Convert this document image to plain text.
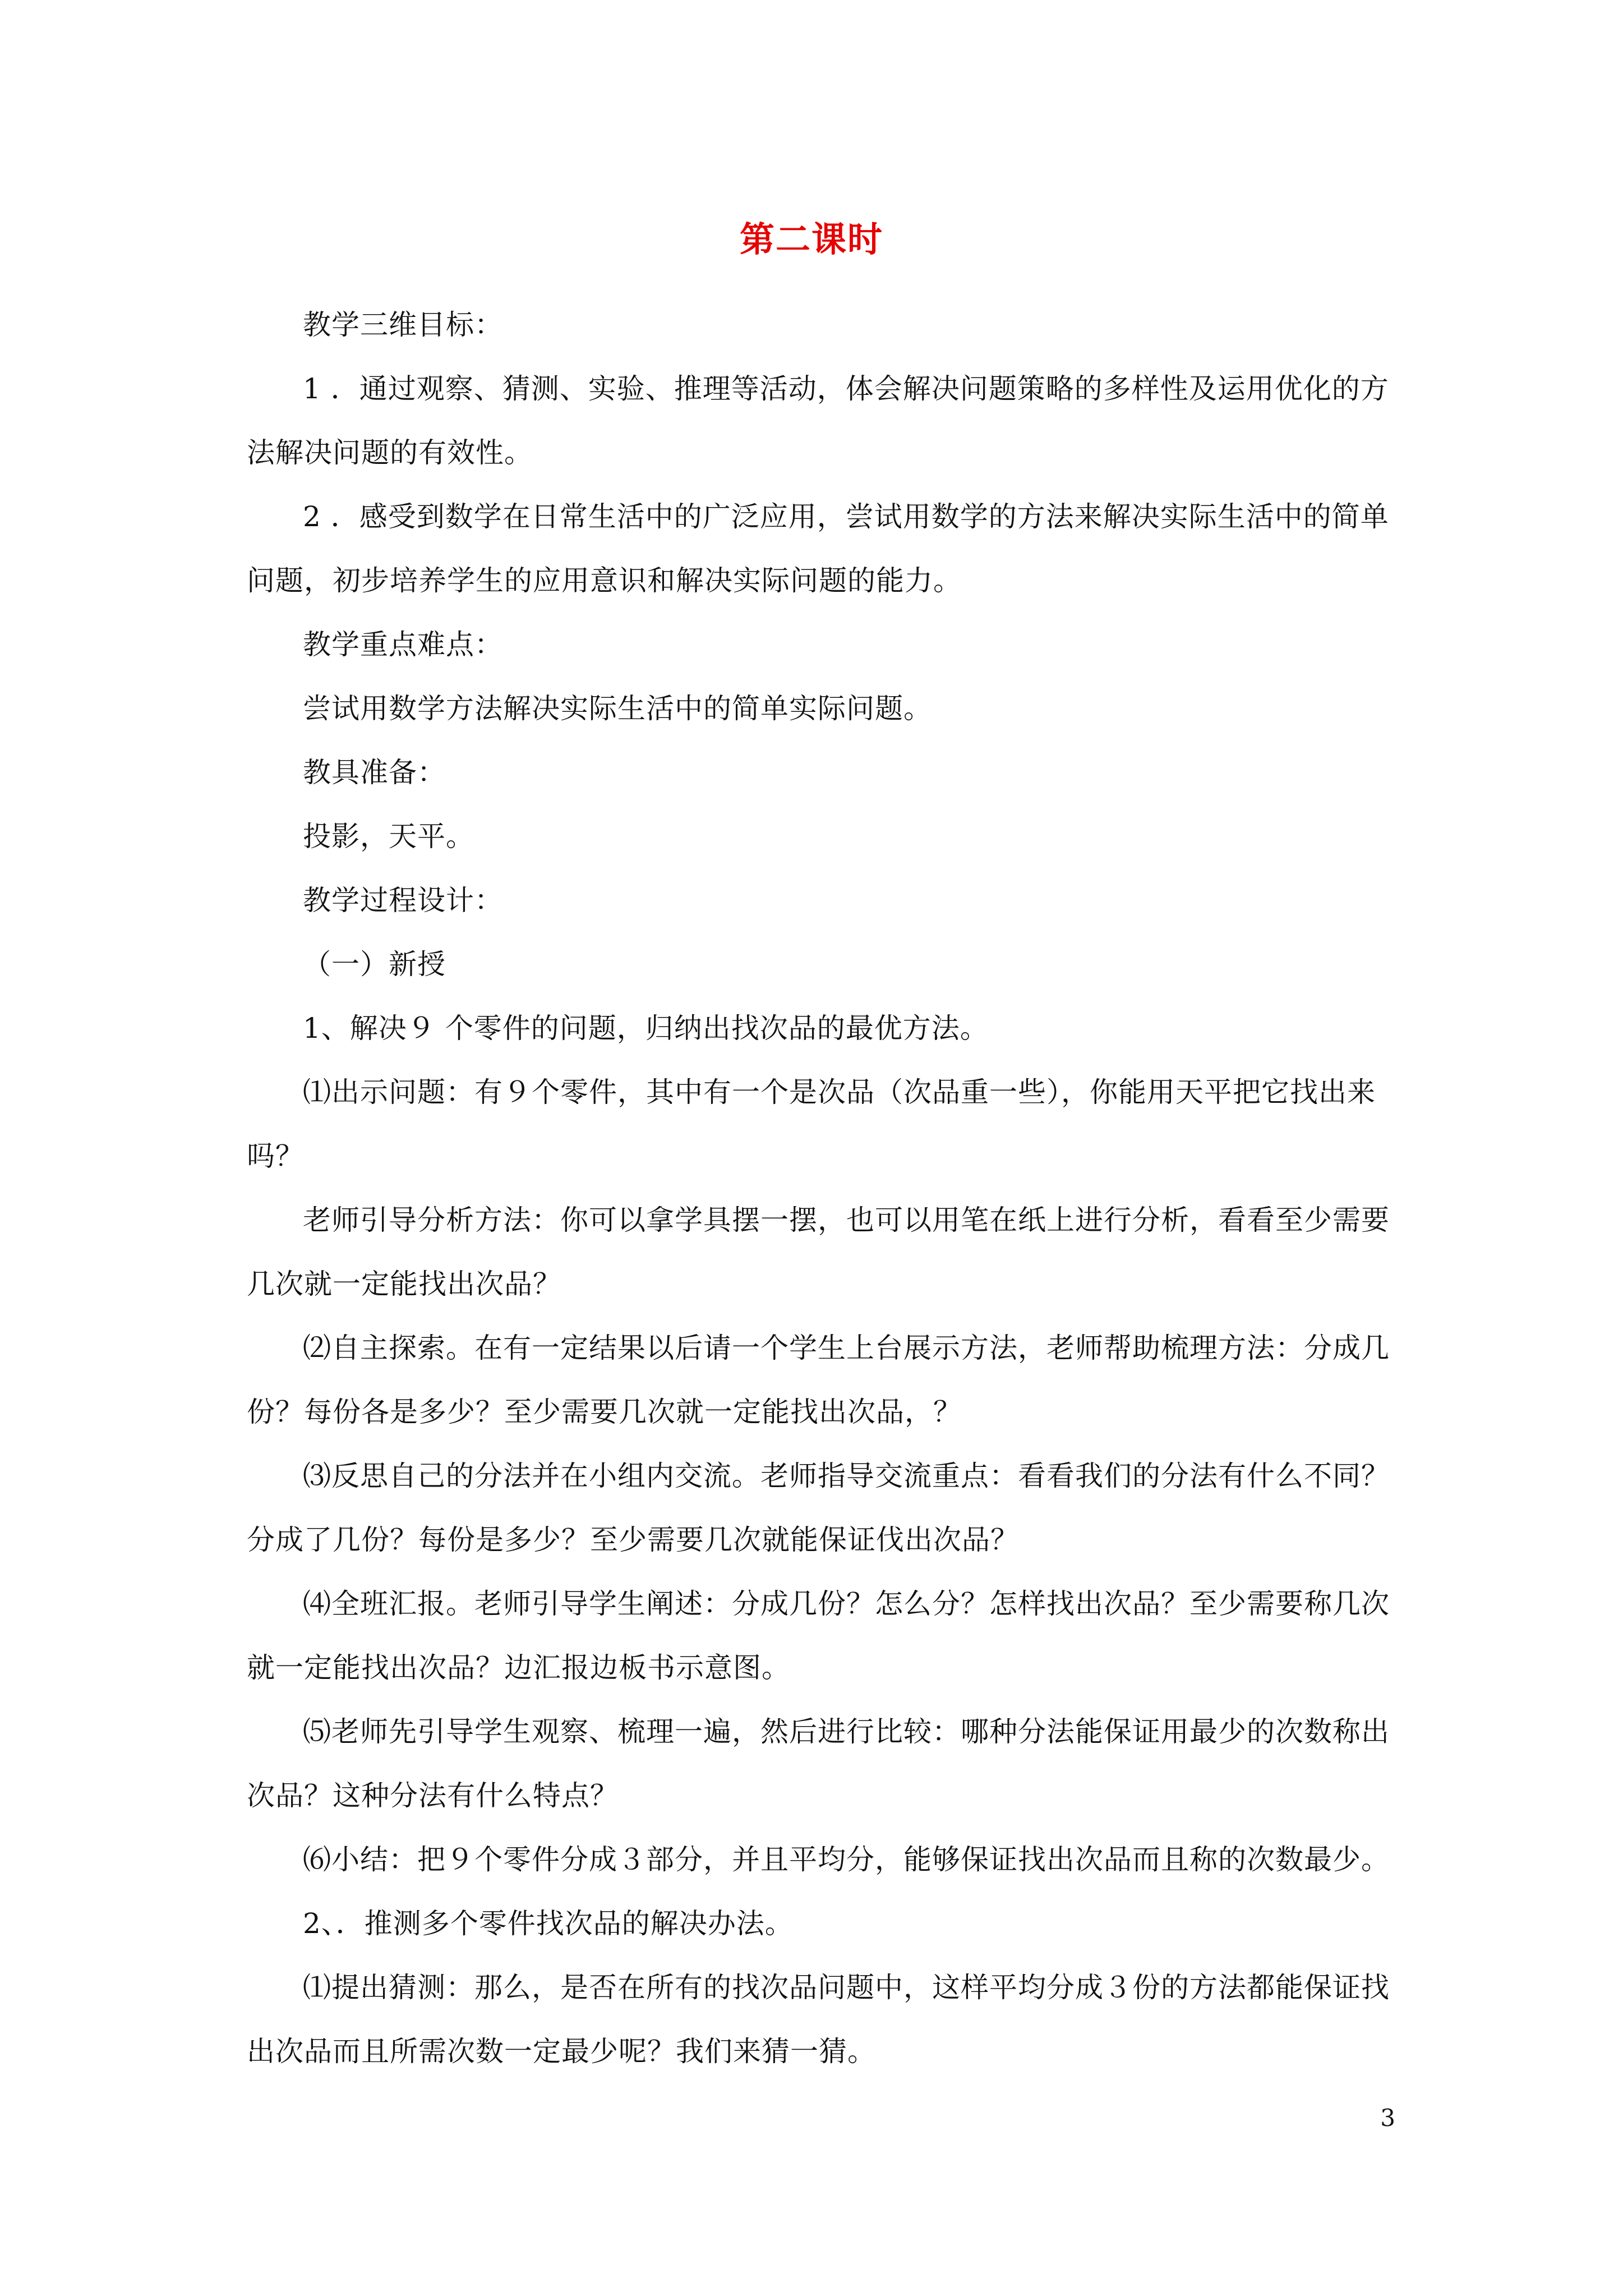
第二课时

教学三维目标：

1 ．通过观察、猜测、实验、推理等活动，体会解决问题策略的多样性及运用优化的方法解决问题的有效性。

2 ．感受到数学在日常生活中的广泛应用，尝试用数学的方法来解决实际生活中的简单问题，初步培养学生的应用意识和解决实际问题的能力。

教学重点难点：

尝试用数学方法解决实际生活中的简单实际问题。

教具准备：

投影，天平。

教学过程设计：

（一）新授

1、解决９ 个零件的问题，归纳出找次品的最优方法。

⑴出示问题：有９个零件，其中有一个是次品（次品重一些），你能用天平把它找出来吗？

老师引导分析方法：你可以拿学具摆一摆，也可以用笔在纸上进行分析，看看至少需要几次就一定能找出次品？

⑵自主探索。在有一定结果以后请一个学生上台展示方法，老师帮助梳理方法：分成几份？每份各是多少？至少需要几次就一定能找出次品，？

⑶反思自己的分法并在小组内交流。老师指导交流重点：看看我们的分法有什么不同？分成了几份？每份是多少？至少需要几次就能保证伐出次品？

⑷全班汇报。老师引导学生阐述：分成几份？怎么分？怎样找出次品？至少需要称几次就一定能找出次品？边汇报边板书示意图。

⑸老师先引导学生观察、梳理一遍，然后进行比较：哪种分法能保证用最少的次数称出次品？这种分法有什么特点？

⑹小结：把９个零件分成３部分，并且平均分，能够保证找出次品而且称的次数最少。

2、．推测多个零件找次品的解决办法。

⑴提出猜测：那么，是否在所有的找次品问题中，这样平均分成３份的方法都能保证找出次品而且所需次数一定最少呢？我们来猜一猜。

3
